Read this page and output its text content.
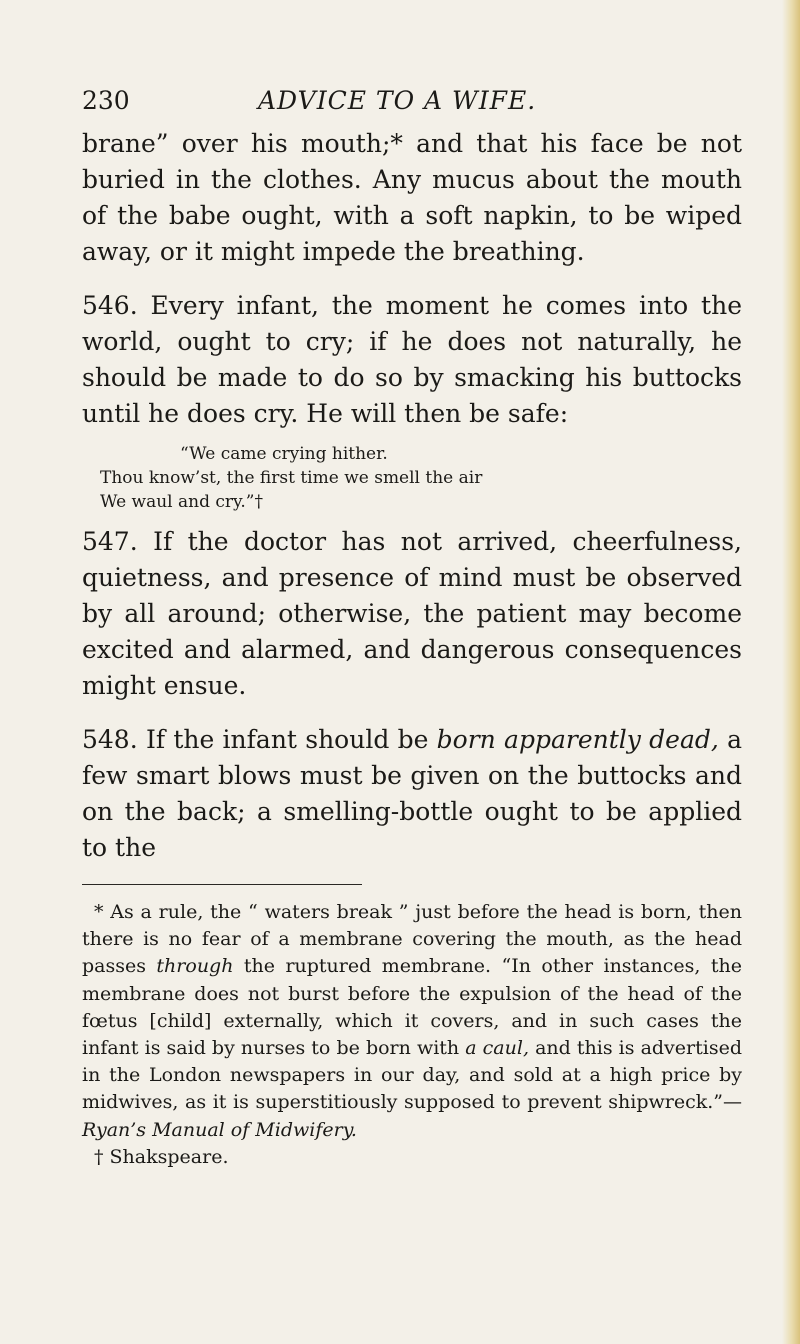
230	ADVICE TO A WIFE.

brane” over his mouth;* and that his face be not buried in the clothes. Any mucus about the mouth of the babe ought, with a soft napkin, to be wiped away, or it might impede the breathing.

546. Every infant, the moment he comes into the world, ought to cry; if he does not naturally, he should be made to do so by smacking his buttocks until he does cry. He will then be safe:

“We came crying hither.
Thou know’st, the first time we smell the air
We waul and cry.”†

547. If the doctor has not arrived, cheerfulness, quietness, and presence of mind must be observed by all around; otherwise, the patient may become excited and alarmed, and dangerous consequences might ensue.

548. If the infant should be born apparently dead, a few smart blows must be given on the buttocks and on the back; a smelling-bottle ought to be applied to the

* As a rule, the “ waters break ” just before the head is born, then there is no fear of a membrane covering the mouth, as the head passes through the ruptured membrane. “In other instances, the membrane does not burst before the expulsion of the head of the fœtus [child] externally, which it covers, and in such cases the infant is said by nurses to be born with a caul, and this is advertised in the London newspapers in our day, and sold at a high price by midwives, as it is superstitiously supposed to prevent shipwreck.”—Ryan’s Manual of Midwifery.
† Shakspeare.
